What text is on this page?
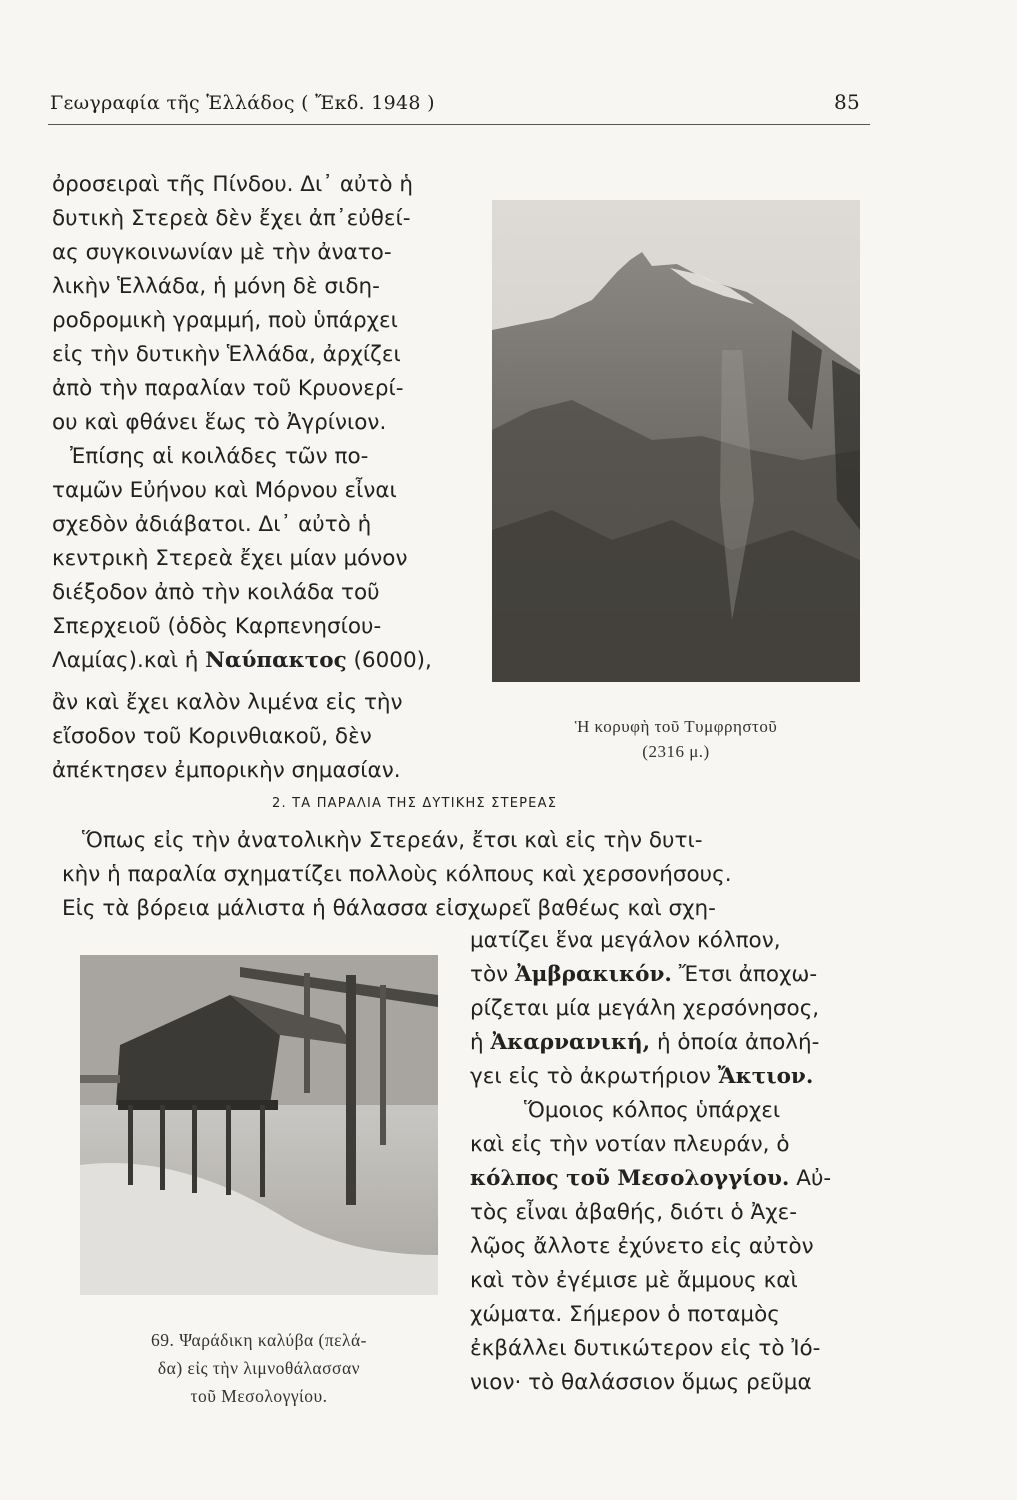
Γεωγραφία τῆς Ἑλλάδος ( Ἔκδ. 1948 )	85
ὀροσειραὶ τῆς Πίνδου. Δι᾽ αὐτὸ ἡ
δυτικὴ Στερεὰ δὲν ἔχει ἀπ᾽εὐθεί-
ας συγκοινωνίαν μὲ τὴν ἀνατο-
λικὴν Ἑλλάδα, ἡ μόνη δὲ σιδη-
ροδρομικὴ γραμμή, ποὺ ὑπάρχει
εἰς τὴν δυτικὴν Ἑλλάδα, ἀρχίζει
ἀπὸ τὴν παραλίαν τοῦ Κρυονερί-
ου καὶ φθάνει ἕως τὸ Ἀγρίνιον.
Ἐπίσης αἱ κοιλάδες τῶν πο-
ταμῶν Εὐήνου καὶ Μόρνου εἶναι
σχεδὸν ἀδιάβατοι. Δι᾽ αὐτὸ ἡ
κεντρικὴ Στερεὰ ἔχει μίαν μόνον
διέξοδον ἀπὸ τὴν κοιλάδα τοῦ
Σπερχειοῦ (ὁδὸς Καρπενησίου-
Λαμίας).καὶ ἡ Ναύπακτος (6000),
ἂν καὶ ἔχει καλὸν λιμένα εἰς τὴν
εἴσοδον τοῦ Κορινθιακοῦ, δὲν
ἀπέκτησεν ἐμπορικὴν σημασίαν.
Ἡ κορυφὴ τοῦ Τυμφρηστοῦ
(2316 μ.)
2. ΤΑ ΠΑΡΑΛΙΑ ΤΗΣ ΔΥΤΙΚΗΣ ΣΤΕΡΕΑΣ
Ὅπως εἰς τὴν ἀνατολικὴν Στερεάν, ἔτσι καὶ εἰς τὴν δυτι-
κὴν ἡ παραλία σχηματίζει πολλοὺς κόλπους καὶ χερσονήσους.
Εἰς τὰ βόρεια μάλιστα ἡ θάλασσα εἰσχωρεῖ βαθέως καὶ σχη-
ματίζει ἕνα μεγάλον κόλπον,
τὸν Ἀμβρακικόν. Ἔτσι ἀποχω-
ρίζεται μία μεγάλη χερσόνησος,
ἡ Ἀκαρνανική, ἡ ὁποία ἀπολή-
γει εἰς τὸ ἀκρωτήριον Ἄκτιον.
Ὅμοιος κόλπος ὑπάρχει
καὶ εἰς τὴν νοτίαν πλευράν, ὁ
κόλπος τοῦ Μεσολογγίου. Αὐ-
τὸς εἶναι ἀβαθής, διότι ὁ Ἀχε-
λῷος ἄλλοτε ἐχύνετο εἰς αὐτὸν
καὶ τὸν ἐγέμισε μὲ ἄμμους καὶ
χώματα. Σήμερον ὁ ποταμὸς
ἐκβάλλει δυτικώτερον εἰς τὸ Ἰό-
νιον· τὸ θαλάσσιον ὅμως ρεῦμα
69. Ψαράδικη καλύβα (πελά-
δα) εἰς τὴν λιμνοθάλασσαν
τοῦ Μεσολογγίου.
